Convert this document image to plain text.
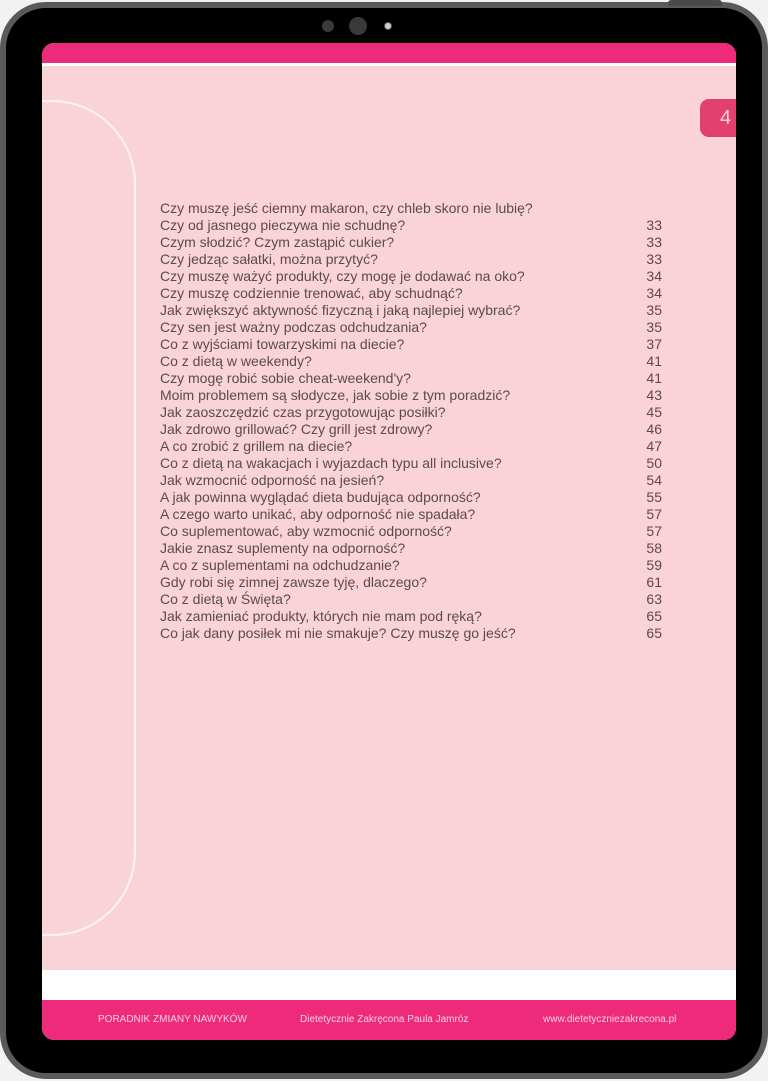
4
Czy muszę jeść ciemny makaron, czy chleb skoro nie lubię?
Czy od jasnego pieczywa nie schudnę?	33
Czym słodzić? Czym zastąpić cukier?	33
Czy jedząc sałatki, można przytyć?	33
Czy muszę ważyć produkty, czy mogę je dodawać na oko?	34
Czy muszę codziennie trenować, aby schudnąć?	34
Jak zwiększyć aktywność fizyczną i jaką najlepiej wybrać?	35
Czy sen jest ważny podczas odchudzania?	35
Co z wyjściami towarzyskimi na diecie?	37
Co z dietą w weekendy?	41
Czy mogę robić sobie cheat-weekend'y?	41
Moim problemem są słodycze, jak sobie z tym poradzić?	43
Jak zaoszczędzić czas przygotowując posiłki?	45
Jak zdrowo grillować? Czy grill jest zdrowy?	46
A co zrobić z grillem na diecie?	47
Co z dietą na wakacjach i wyjazdach typu all inclusive?	50
Jak wzmocnić odporność na jesień?	54
A jak powinna wyglądać dieta budująca odporność?	55
A czego warto unikać, aby odporność nie spadała?	57
Co suplementować, aby wzmocnić odporność?	57
Jakie znasz suplementy na odporność?	58
A co z suplementami na odchudzanie?	59
Gdy robi się zimnej zawsze tyję, dlaczego?	61
Co z dietą w Święta?	63
Jak zamieniać produkty, których nie mam pod ręką?	65
Co jak dany posiłek mi nie smakuje? Czy muszę go jeść?	65
PORADNIK ZMIANY NAWYKÓW	Dietetycznie Zakręcona Paula Jamróz	www.dietetyczniezakrecona.pl
